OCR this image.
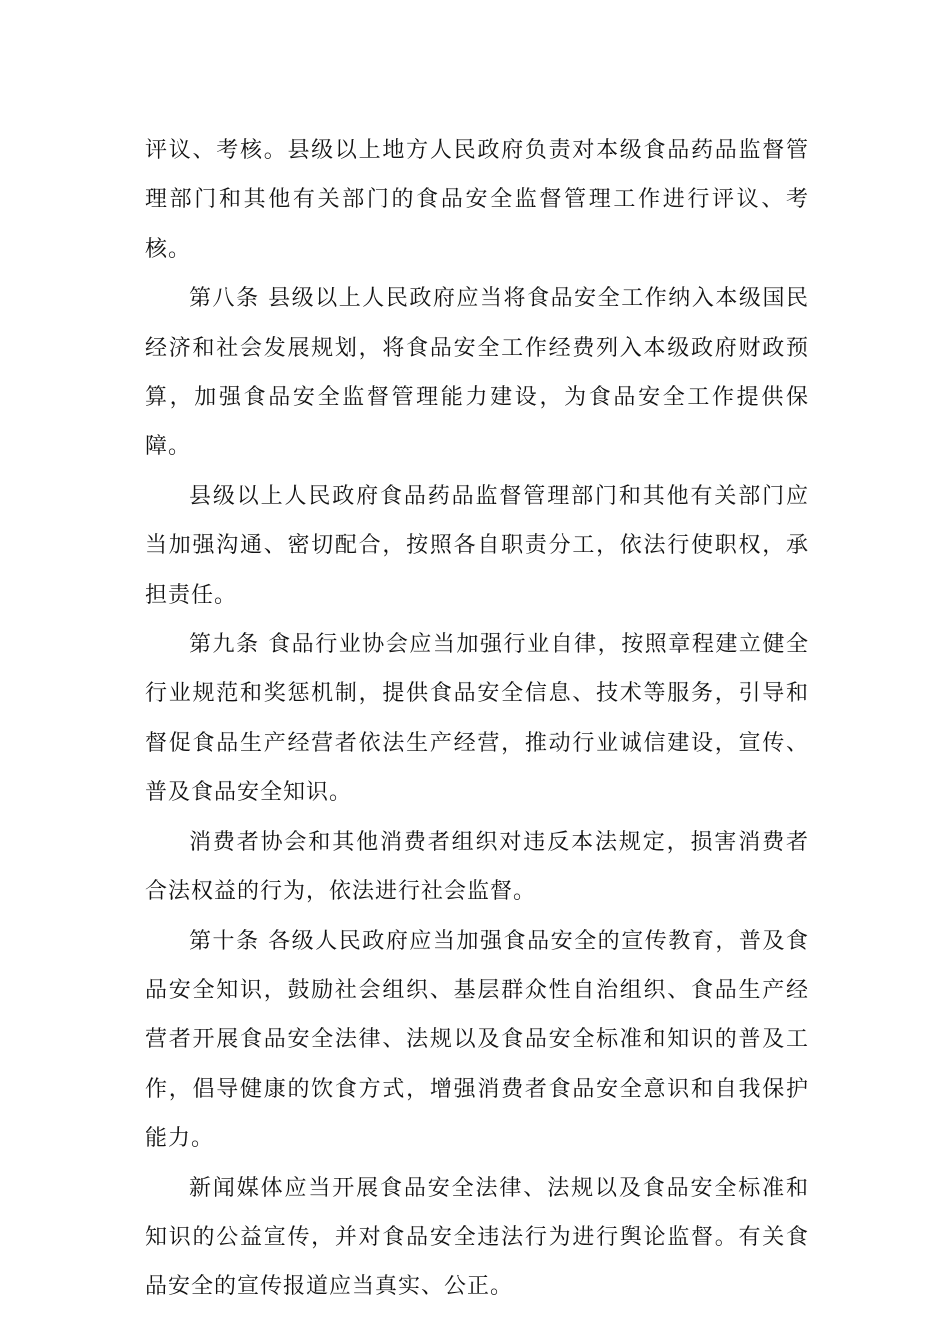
评议、考核。县级以上地方人民政府负责对本级食品药品监督管理部门和其他有关部门的食品安全监督管理工作进行评议、考核。

第八条 县级以上人民政府应当将食品安全工作纳入本级国民经济和社会发展规划，将食品安全工作经费列入本级政府财政预算，加强食品安全监督管理能力建设，为食品安全工作提供保障。

县级以上人民政府食品药品监督管理部门和其他有关部门应当加强沟通、密切配合，按照各自职责分工，依法行使职权，承担责任。

第九条 食品行业协会应当加强行业自律，按照章程建立健全行业规范和奖惩机制，提供食品安全信息、技术等服务，引导和督促食品生产经营者依法生产经营，推动行业诚信建设，宣传、普及食品安全知识。

消费者协会和其他消费者组织对违反本法规定，损害消费者合法权益的行为，依法进行社会监督。

第十条 各级人民政府应当加强食品安全的宣传教育，普及食品安全知识，鼓励社会组织、基层群众性自治组织、食品生产经营者开展食品安全法律、法规以及食品安全标准和知识的普及工作，倡导健康的饮食方式，增强消费者食品安全意识和自我保护能力。

新闻媒体应当开展食品安全法律、法规以及食品安全标准和知识的公益宣传，并对食品安全违法行为进行舆论监督。有关食品安全的宣传报道应当真实、公正。
